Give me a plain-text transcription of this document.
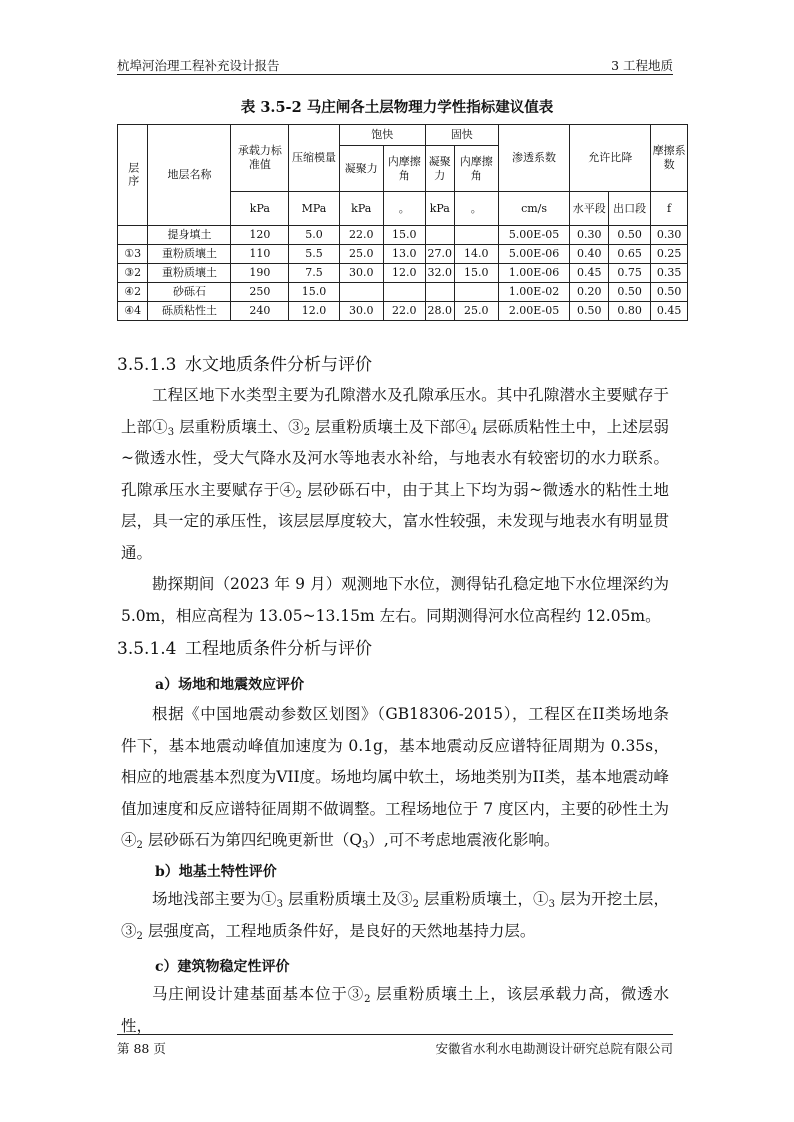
杭埠河治理工程补充设计报告	3 工程地质
表 3.5-2 马庄闸各土层物理力学性指标建议值表
层序	地层名称	承载力标准值	压缩模量	饱快		固快		渗透系数	允许比降		摩擦系数
				凝聚力	内摩擦角	凝聚力	内摩擦角				
		kPa	MPa	kPa	。	kPa	。	cm/s	水平段	出口段	f
	提身填土	120	5.0	22.0	15.0			5.00E-05	0.30	0.50	0.30
①3	重粉质壤土	110	5.5	25.0	13.0	27.0	14.0	5.00E-06	0.40	0.65	0.25
③2	重粉质壤土	190	7.5	30.0	12.0	32.0	15.0	1.00E-06	0.45	0.75	0.35
④2	砂砾石	250	15.0					1.00E-02	0.20	0.50	0.50
④4	砾质粘性土	240	12.0	30.0	22.0	28.0	25.0	2.00E-05	0.50	0.80	0.45
3.5.1.3 水文地质条件分析与评价

工程区地下水类型主要为孔隙潜水及孔隙承压水。其中孔隙潜水主要赋存于上部$①_3$ 层重粉质壤土、$③_2$ 层重粉质壤土及下部$④_4$ 层砾质粘性土中，上述层弱~微透水性，受大气降水及河水等地表水补给，与地表水有较密切的水力联系。孔隙承压水主要赋存于$④_2$ 层砂砾石中，由于其上下均为弱~微透水的粘性土地层，具一定的承压性，该层层厚度较大，富水性较强，未发现与地表水有明显贯通。

勘探期间（2023 年 9 月）观测地下水位，测得钻孔稳定地下水位埋深约为 5.0m，相应高程为 13.05~13.15m 左右。同期测得河水位高程约 12.05m。

3.5.1.4 工程地质条件分析与评价
a）场地和地震效应评价

根据《中国地震动参数区划图》（GB18306-2015），工程区在II类场地条件下，基本地震动峰值加速度为 0.1g，基本地震动反应谱特征周期为 0.35s，相应的地震基本烈度为VII度。场地均属中软土，场地类别为II类，基本地震动峰值加速度和反应谱特征周期不做调整。工程场地位于 7 度区内，主要的砂性土为$④_2$ 层砂砾石为第四纪晚更新世$(Q_3)$,可不考虑地震液化影响。

b）地基土特性评价

场地浅部主要为$①_3$ 层重粉质壤土及$③_2$ 层重粉质壤土，$①_3$ 层为开挖土层，$③_2$ 层强度高，工程地质条件好，是良好的天然地基持力层。

c）建筑物稳定性评价

马庄闸设计建基面基本位于$③_2$ 层重粉质壤土上，该层承载力高，微透水性，

第 88 页	安徽省水利水电勘测设计研究总院有限公司
